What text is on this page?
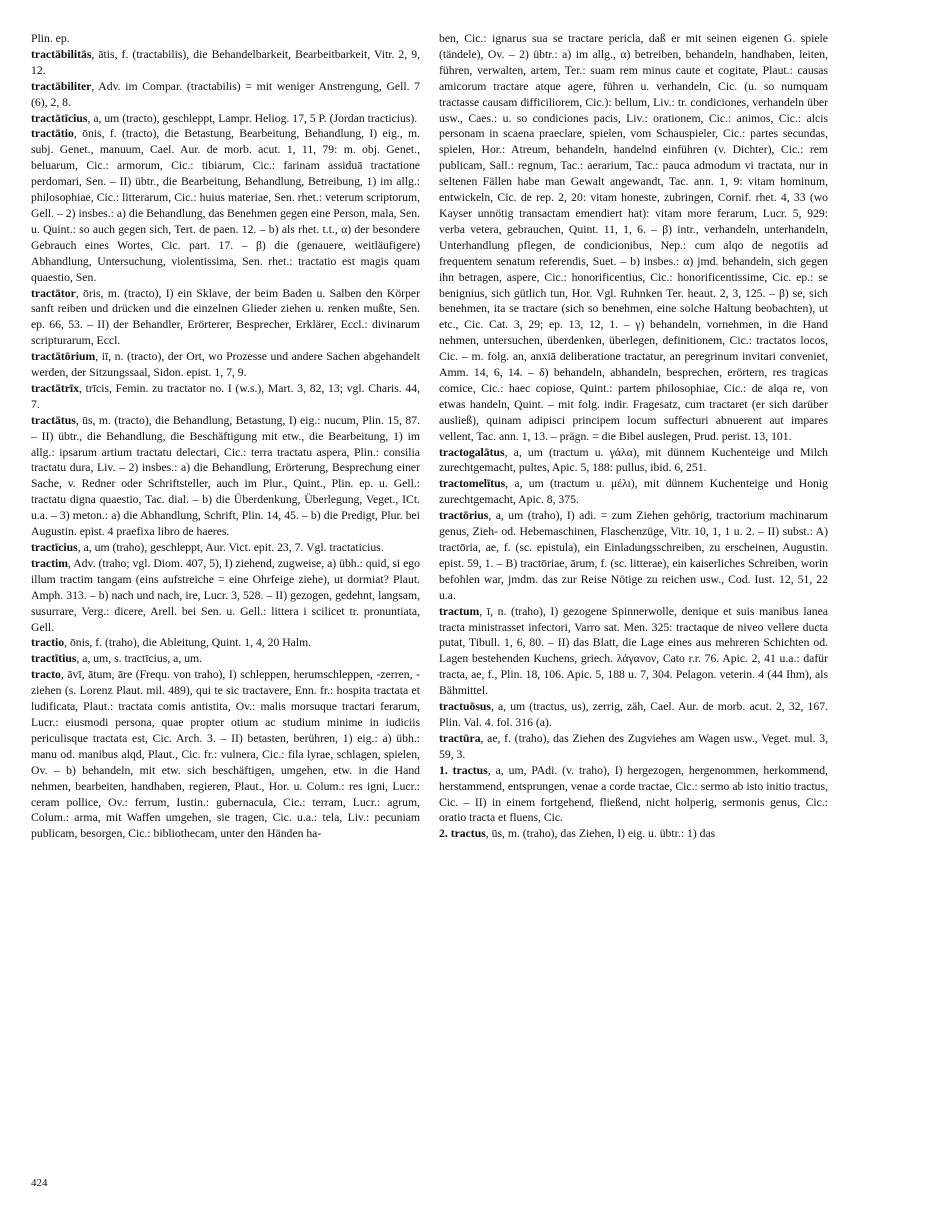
Plin. ep.

tractābilitās, ātis, f. (tractabilis), die Behandelbarkeit, Bearbeitbarkeit, Vitr. 2, 9, 12.

tractābiliter, Adv. im Compar. (tractabilis) = mit weniger Anstrengung, Gell. 7 (6), 2, 8.

tractātīcius, a, um (tracto), geschleppt, Lampr. Heliog. 17, 5 P. (Jordan tracticius).

tractātio, ōnis, f. (tracto), die Betastung, Bearbeitung, Behandlung, I) eig., m. subj. Genet., manuum, Cael. Aur. de morb. acut. 1, 11, 79: m. obj. Genet., beluarum, Cic.: armorum, Cic.: tibiarum, Cic.: farinam assiduā tractatione perdomari, Sen. – II) übtr., die Bearbeitung, Behandlung, Betreibung, 1) im allg.: philosophiae, Cic.: litterarum, Cic.: huius materiae, Sen. rhet.: veterum scriptorum, Gell. – 2) insbes.: a) die Behandlung, das Benehmen gegen eine Person, mala, Sen. u. Quint.: so auch gegen sich, Tert. de paen. 12. – b) als rhet. t.t., α) der besondere Gebrauch eines Wortes, Cic. part. 17. – β) die (genauere, weitläufigere) Abhandlung, Untersuchung, violentissima, Sen. rhet.: tractatio est magis quam quaestio, Sen.

tractātor, ōris, m. (tracto), I) ein Sklave, der beim Baden u. Salben den Körper sanft reiben und drücken und die einzelnen Glieder ziehen u. renken mußte, Sen. ep. 66, 53. – II) der Behandler, Erörterer, Besprecher, Erklärer, Eccl.: divinarum scripturarum, Eccl.

tractātōrium, iī, n. (tracto), der Ort, wo Prozesse und andere Sachen abgehandelt werden, der Sitzungssaal, Sidon. epist. 1, 7, 9.

tractātrīx, trīcis, Femin. zu tractator no. I (w.s.), Mart. 3, 82, 13; vgl. Charis. 44, 7.

tractātus, ūs, m. (tracto), die Behandlung, Betastung, I) eig.: nucum, Plin. 15, 87. – II) übtr., die Behandlung, die Beschäftigung mit etw., die Bearbeitung, 1) im allg.: ipsarum artium tractatu delectari, Cic.: terra tractatu aspera, Plin.: consilia tractatu dura, Liv. – 2) insbes.: a) die Behandlung, Erörterung, Besprechung einer Sache, v. Redner oder Schriftsteller, auch im Plur., Quint., Plin. ep. u. Gell.: tractatu digna quaestio, Tac. dial. – b) die Überdenkung, Überlegung, Veget., ICt. u.a. – 3) meton.: a) die Abhandlung, Schrift, Plin. 14, 45. – b) die Predigt, Plur. bei Augustin. epist. 4 praefixa libro de haeres.

tractīcius, a, um (traho), geschleppt, Aur. Vict. epit. 23, 7. Vgl. tractaticius.

tractim, Adv. (traho; vgl. Diom. 407, 5), I) ziehend, zugweise, a) übh.: quid, si ego illum tractim tangam (eins aufstreiche = eine Ohrfeige ziehe), ut dormiat? Plaut. Amph. 313. – b) nach und nach, ire, Lucr. 3, 528. – II) gezogen, gedehnt, langsam, susurrare, Verg.: dicere, Arell. bei Sen. u. Gell.: littera i scilicet tr. pronuntiata, Gell.

tractio, ōnis, f. (traho), die Ableitung, Quint. 1, 4, 20 Halm.

tractītius, a, um, s. tractīcius, a, um.

tracto, āvī, ātum, āre (Frequ. von traho), I) schleppen, herumschleppen, -zerren, -ziehen (s. Lorenz Plaut. mil. 489), qui te sic tractavere, Enn. fr.: hospita tractata et ludificata, Plaut.: tractata comis antistita, Ov.: malis morsuque tractari ferarum, Lucr.: eiusmodi persona, quae propter otium ac studium minime in iudiciis periculisque tractata est, Cic. Arch. 3. – II) betasten, berühren, 1) eig.: a) übh.: manu od. manibus alqd, Plaut., Cic. fr.: vulnera, Cic.: fila lyrae, schlagen, spielen, Ov. – b) behandeln, mit etw. sich beschäftigen, umgehen, etw. in die Hand nehmen, bearbeiten, handhaben, regieren, Plaut., Hor. u. Colum.: res igni, Lucr.: ceram pollice, Ov.: ferrum, Iustin.: gubernacula, Cic.: terram, Lucr.: agrum, Colum.: arma, mit Waffen umgehen, sie tragen, Cic. u.a.: tela, Liv.: pecuniam publicam, besorgen, Cic.: bibliothecam, unter den Händen ha-

ben, Cic.: ignarus sua se tractare pericla, daß er mit seinen eigenen G. spiele (tändele), Ov. – 2) übtr.: a) im allg., α) betreiben, behandeln, handhaben, leiten, führen, verwalten, artem, Ter.: suam rem minus caute et cogitate, Plaut.: causas amicorum tractare atque agere, führen u. verhandeln, Cic. (u. so numquam tractasse causam difficiliorem, Cic.): bellum, Liv.: tr. condiciones, verhandeln über usw., Caes.: u. so condiciones pacis, Liv.: orationem, Cic.: animos, Cic.: alcis personam in scaena praeclare, spielen, vom Schauspieler, Cic.: partes secundas, spielen, Hor.: Atreum, behandeln, handelnd einführen (v. Dichter), Cic.: rem publicam, Sall.: regnum, Tac.: aerarium, Tac.: pauca admodum vi tractata, nur in seltenen Fällen habe man Gewalt angewandt, Tac. ann. 1, 9: vitam hominum, entwickeln, Cic. de rep. 2, 20: vitam honeste, zubringen, Cornif. rhet. 4, 33 (wo Kayser unnötig transactam emendiert hat): vitam more ferarum, Lucr. 5, 929: verba vetera, gebrauchen, Quint. 11, 1, 6. – β) intr., verhandeln, unterhandeln, Unterhandlung pflegen, de condicionibus, Nep.: cum alqo de negotiis ad frequentem senatum referendis, Suet. – b) insbes.: α) jmd. behandeln, sich gegen ihn betragen, aspere, Cic.: honorificentius, Cic.: honorificentissime, Cic. ep.: se benignius, sich gütlich tun, Hor. Vgl. Ruhnken Ter. heaut. 2, 3, 125. – β) se, sich benehmen, ita se tractare (sich so benehmen, eine solche Haltung beobachten), ut etc., Cic. Cat. 3, 29; ep. 13, 12, 1. – γ) behandeln, vornehmen, in die Hand nehmen, untersuchen, überdenken, überlegen, definitionem, Cic.: tractatos locos, Cic. – m. folg. an, anxiā deliberatione tractatur, an peregrinum invitari conveniet, Amm. 14, 6, 14. – δ) behandeln, abhandeln, besprechen, erörtern, res tragicas comice, Cic.: haec copiose, Quint.: partem philosophiae, Cic.: de alqa re, von etwas handeln, Quint. – mit folg. indir. Fragesatz, cum tractaret (er sich darüber ausließ), quinam adipisci principem locum suffecturi abnuerent aut impares vellent, Tac. ann. 1, 13. – prägn. = die Bibel auslegen, Prud. perist. 13, 101.

tractogalātus, a, um (tractum u. γάλα), mit dünnem Kuchenteige und Milch zurechtgemacht, pultes, Apic. 5, 188: pullus, ibid. 6, 251.

tractomelītus, a, um (tractum u. μέλι), mit dünnem Kuchenteige und Honig zurechtgemacht, Apic. 8, 375.

tractōrius, a, um (traho), I) adi. = zum Ziehen gehörig, tractorium machinarum genus, Zieh- od. Hebemaschinen, Flaschenzüge, Vitr. 10, 1, 1 u. 2. – II) subst.: A) tractōria, ae, f. (sc. epistula), ein Einladungsschreiben, zu erscheinen, Augustin. epist. 59, 1. – B) tractōriae, ārum, f. (sc. litterae), ein kaiserliches Schreiben, worin befohlen war, jmdm. das zur Reise Nötige zu reichen usw., Cod. Iust. 12, 51, 22 u.a.

tractum, ī, n. (traho), I) gezogene Spinnerwolle, denique et suis manibus lanea tracta ministrasset infectori, Varro sat. Men. 325: tractaque de niveo vellere ducta putat, Tibull. 1, 6, 80. – II) das Blatt, die Lage eines aus mehreren Schichten od. Lagen bestehenden Kuchens, griech. λάγανον, Cato r.r. 76. Apic. 2, 41 u.a.: dafür tracta, ae, f., Plin. 18, 106. Apic. 5, 188 u. 7, 304. Pelagon. veterin. 4 (44 Ihm), als Bähmittel.

tractuōsus, a, um (tractus, us), zerrig, zäh, Cael. Aur. de morb. acut. 2, 32, 167. Plin. Val. 4. fol. 316 (a).

tractūra, ae, f. (traho), das Ziehen des Zugviehes am Wagen usw., Veget. mul. 3, 59, 3.

1. tractus, a, um, PAdi. (v. traho), I) hergezogen, hergenommen, herkommend, herstammend, entsprungen, venae a corde tractae, Cic.: sermo ab isto initio tractus, Cic. – II) in einem fortgehend, fließend, nicht holperig, sermonis genus, Cic.: oratio tracta et fluens, Cic.

2. tractus, ūs, m. (traho), das Ziehen, I) eig. u. übtr.: 1) das

424
